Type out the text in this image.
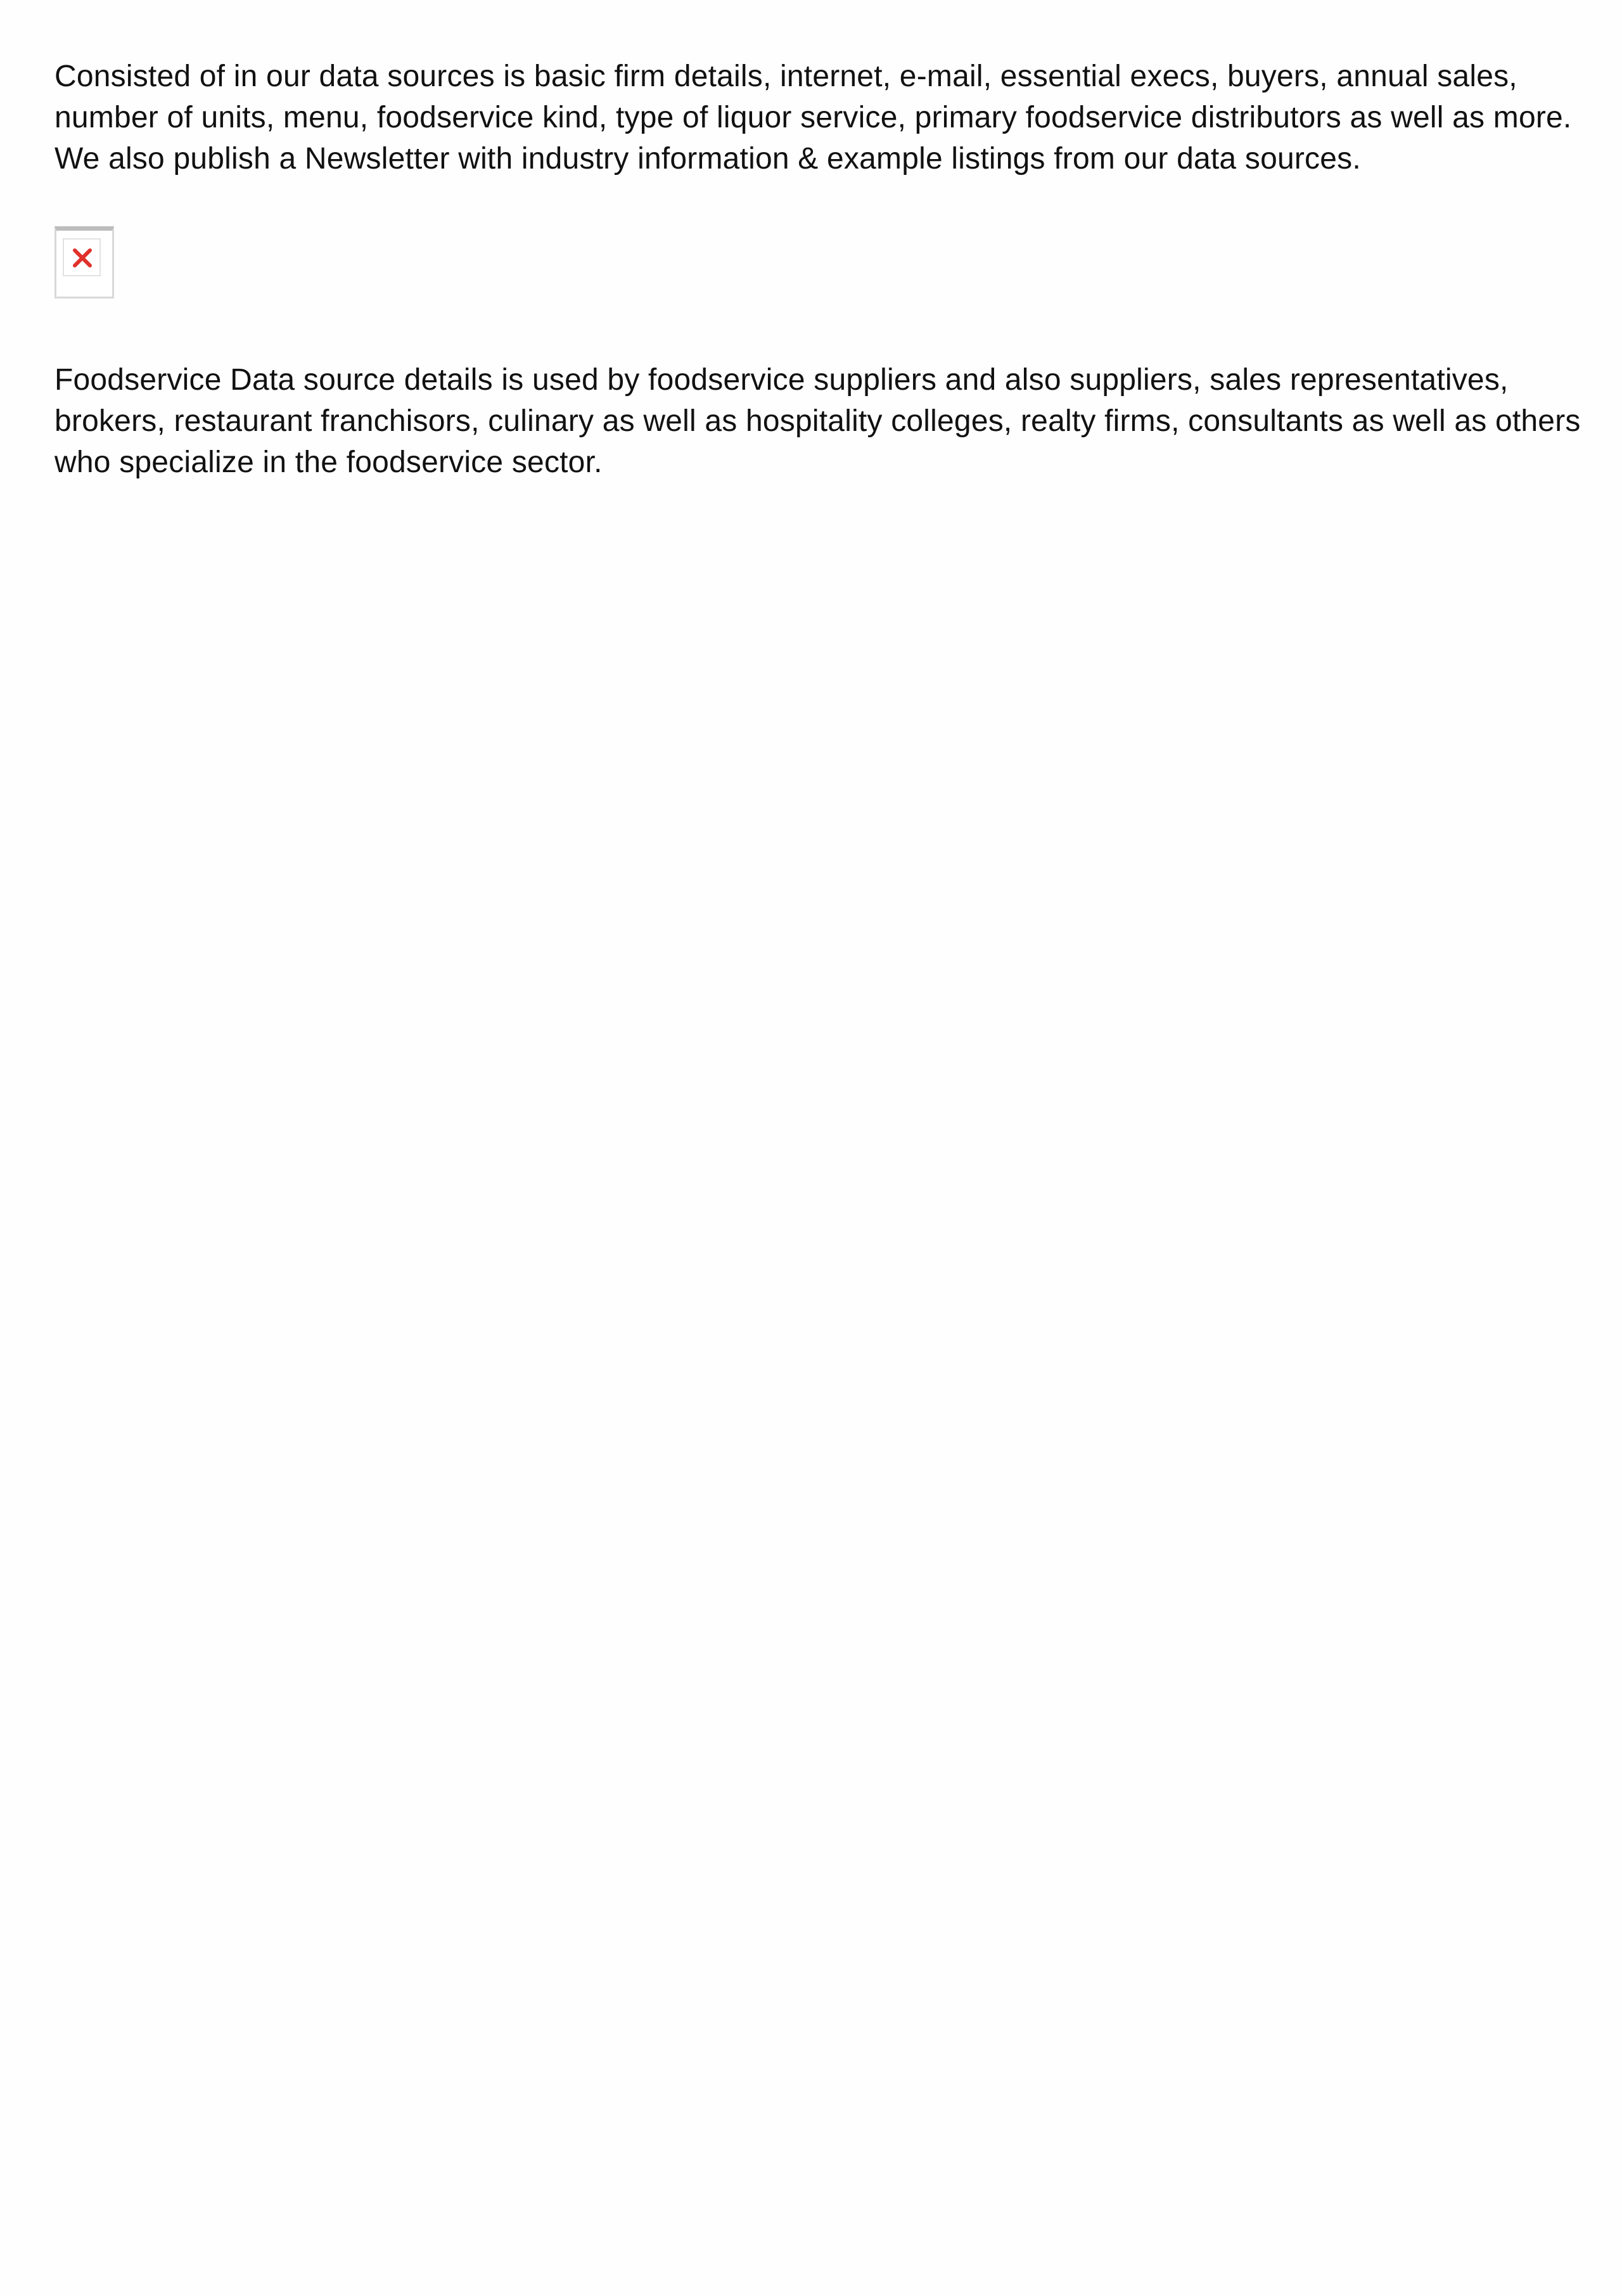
Consisted of in our data sources is basic firm details, internet, e-mail, essential execs, buyers, annual sales, number of units, menu, foodservice kind, type of liquor service, primary foodservice distributors as well as more. We also publish a Newsletter with industry information & example listings from our data sources.

Foodservice Data source details is used by foodservice suppliers and also suppliers, sales representatives, brokers, restaurant franchisors, culinary as well as hospitality colleges, realty firms, consultants as well as others who specialize in the foodservice sector.
